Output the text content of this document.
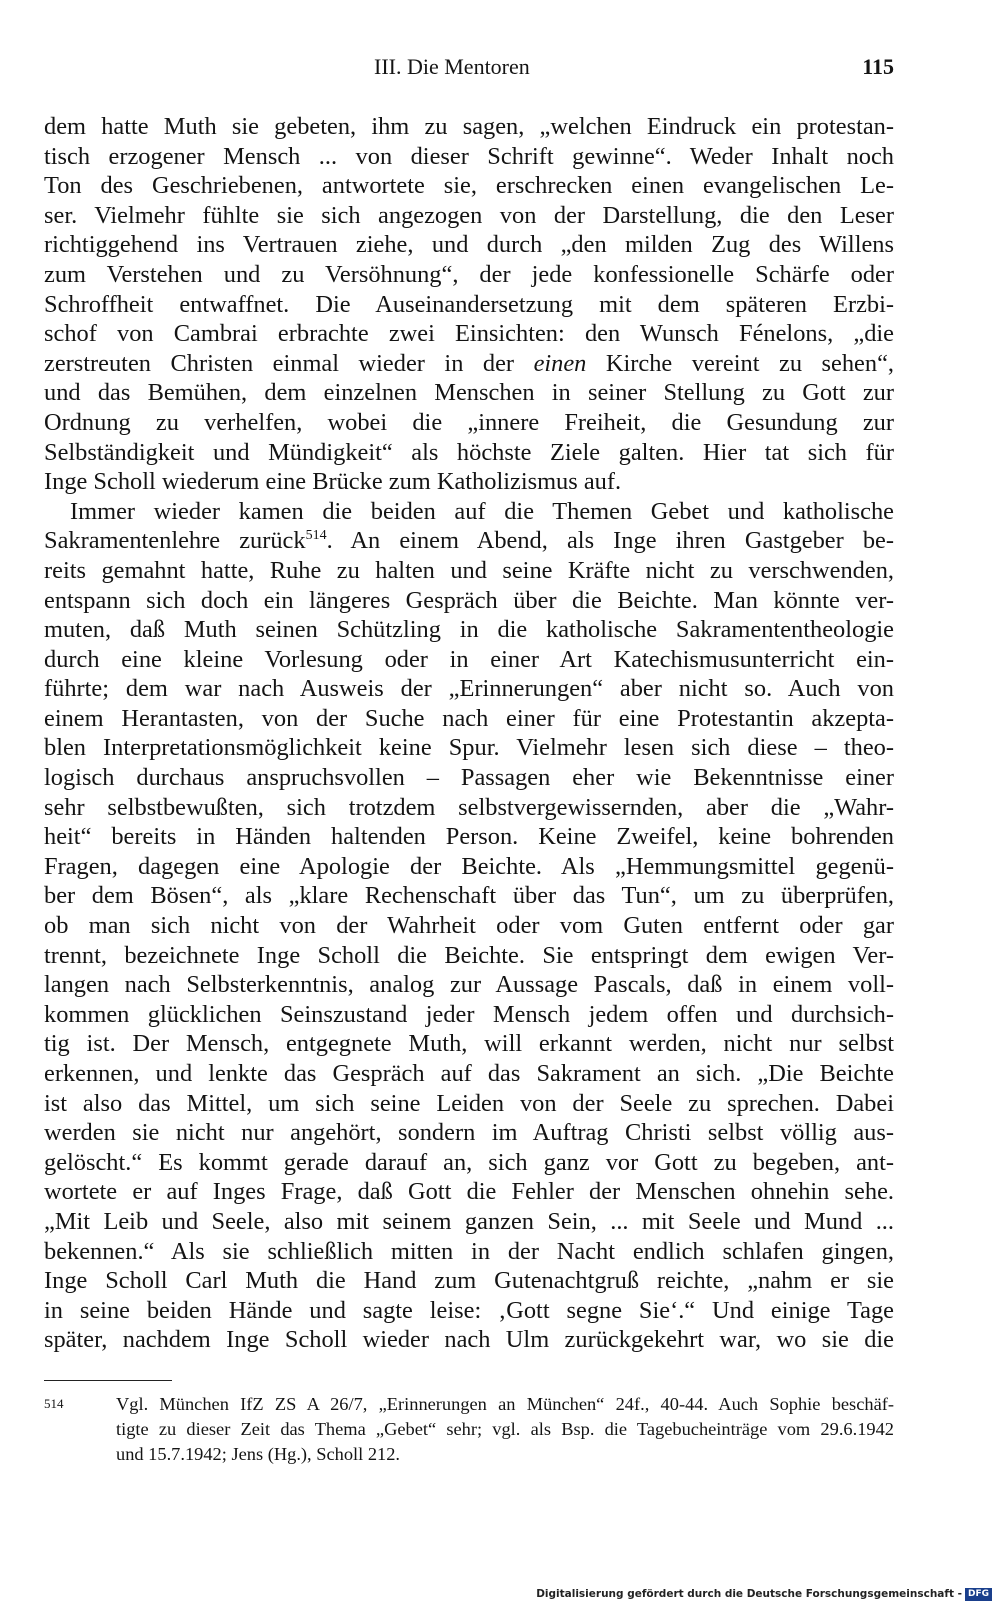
III. Die Mentoren	115
dem hatte Muth sie gebeten, ihm zu sagen, „welchen Eindruck ein protestan-
tisch erzogener Mensch ... von dieser Schrift gewinne“. Weder Inhalt noch
Ton des Geschriebenen, antwortete sie, erschrecken einen evangelischen Le-
ser. Vielmehr fühlte sie sich angezogen von der Darstellung, die den Leser
richtiggehend ins Vertrauen ziehe, und durch „den milden Zug des Willens
zum Verstehen und zu Versöhnung“, der jede konfessionelle Schärfe oder
Schroffheit entwaffnet. Die Auseinandersetzung mit dem späteren Erzbi-
schof von Cambrai erbrachte zwei Einsichten: den Wunsch Fénelons, „die
zerstreuten Christen einmal wieder in der einen Kirche vereint zu sehen“,
und das Bemühen, dem einzelnen Menschen in seiner Stellung zu Gott zur
Ordnung zu verhelfen, wobei die „innere Freiheit, die Gesundung zur
Selbständigkeit und Mündigkeit“ als höchste Ziele galten. Hier tat sich für
Inge Scholl wiederum eine Brücke zum Katholizismus auf.
Immer wieder kamen die beiden auf die Themen Gebet und katholische
Sakramentenlehre zurück$^{514}$. An einem Abend, als Inge ihren Gastgeber be-
reits gemahnt hatte, Ruhe zu halten und seine Kräfte nicht zu verschwenden,
entspann sich doch ein längeres Gespräch über die Beichte. Man könnte ver-
muten, daß Muth seinen Schützling in die katholische Sakramententheologie
durch eine kleine Vorlesung oder in einer Art Katechismusunterricht ein-
führte; dem war nach Ausweis der „Erinnerungen“ aber nicht so. Auch von
einem Herantasten, von der Suche nach einer für eine Protestantin akzepta-
blen Interpretationsmöglichkeit keine Spur. Vielmehr lesen sich diese – theo-
logisch durchaus anspruchsvollen – Passagen eher wie Bekenntnisse einer
sehr selbstbewußten, sich trotzdem selbstvergewissernden, aber die „Wahr-
heit“ bereits in Händen haltenden Person. Keine Zweifel, keine bohrenden
Fragen, dagegen eine Apologie der Beichte. Als „Hemmungsmittel gegenü-
ber dem Bösen“, als „klare Rechenschaft über das Tun“, um zu überprüfen,
ob man sich nicht von der Wahrheit oder vom Guten entfernt oder gar
trennt, bezeichnete Inge Scholl die Beichte. Sie entspringt dem ewigen Ver-
langen nach Selbsterkenntnis, analog zur Aussage Pascals, daß in einem voll-
kommen glücklichen Seinszustand jeder Mensch jedem offen und durchsich-
tig ist. Der Mensch, entgegnete Muth, will erkannt werden, nicht nur selbst
erkennen, und lenkte das Gespräch auf das Sakrament an sich. „Die Beichte
ist also das Mittel, um sich seine Leiden von der Seele zu sprechen. Dabei
werden sie nicht nur angehört, sondern im Auftrag Christi selbst völlig aus-
gelöscht.“ Es kommt gerade darauf an, sich ganz vor Gott zu begeben, ant-
wortete er auf Inges Frage, daß Gott die Fehler der Menschen ohnehin sehe.
„Mit Leib und Seele, also mit seinem ganzen Sein, ... mit Seele und Mund ...
bekennen.“ Als sie schließlich mitten in der Nacht endlich schlafen gingen,
Inge Scholl Carl Muth die Hand zum Gutenachtgruß reichte, „nahm er sie
in seine beiden Hände und sagte leise: ‚Gott segne Sie‘.“ Und einige Tage
später, nachdem Inge Scholl wieder nach Ulm zurückgekehrt war, wo sie die
514	Vgl. München IfZ ZS A 26/7, „Erinnerungen an München“ 24f., 40-44. Auch Sophie beschäf-
tigte zu dieser Zeit das Thema „Gebet“ sehr; vgl. als Bsp. die Tagebucheinträge vom 29.6.1942
und 15.7.1942; Jens (Hg.), Scholl 212.
Digitalisierung gefördert durch die Deutsche Forschungsgemeinschaft - DFG
